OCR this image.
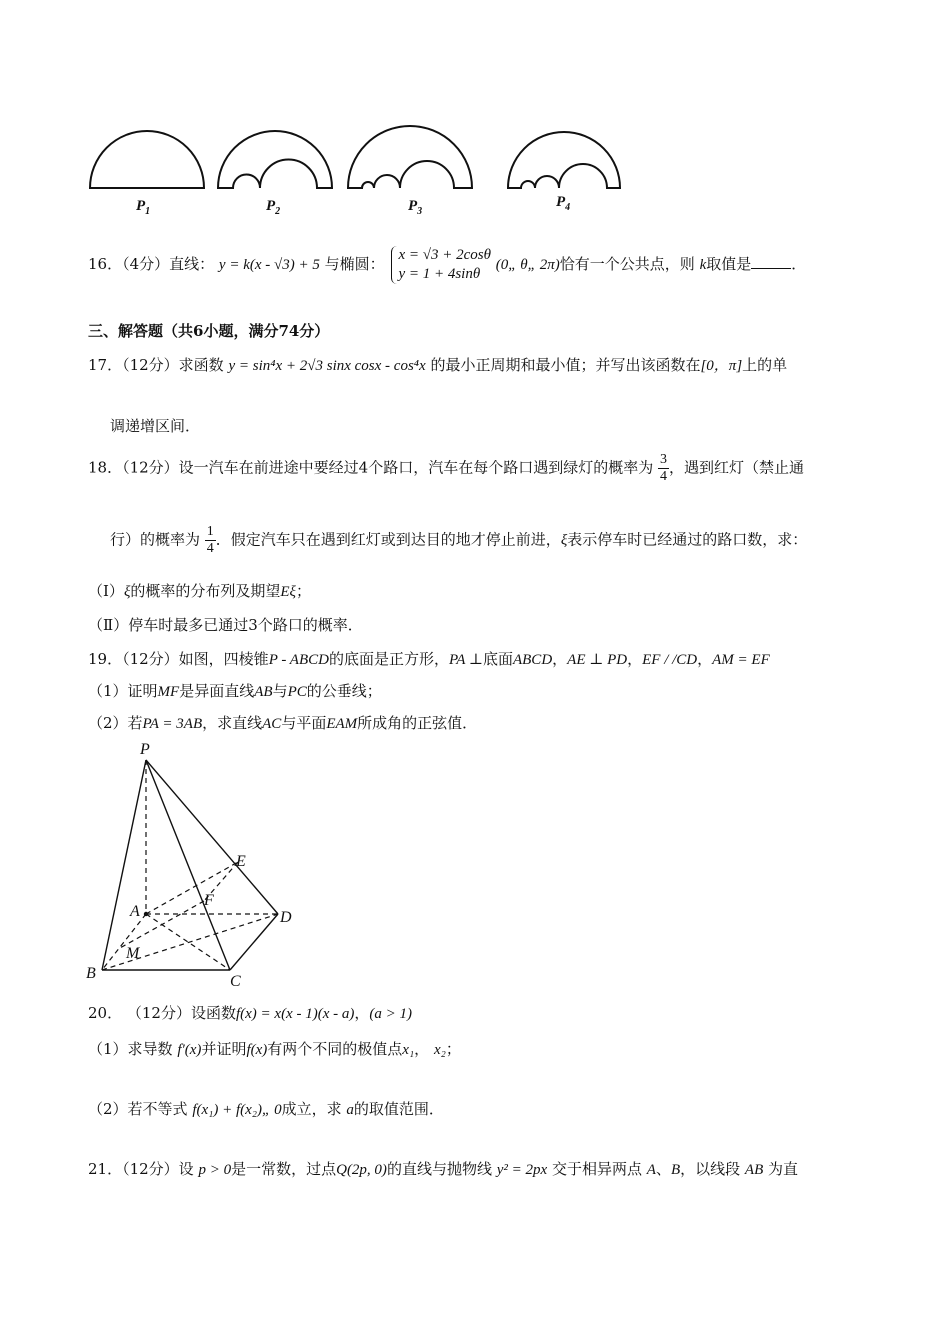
$P_1$	$P_2$	$P_3$
$P_4$
16．（4分）直线： y = k(x - √3) + 5 与椭圆： x = √3 + 2cosθ
y = 1 + 4sinθ
(0„ θ„ 2π)恰有一个公共点，则 k取值是	．
三、解答题（共6小题，满分74分）
17．（12分）求函数 y = sin⁴x + 2√3 sinx cosx - cos⁴x 的最小正周期和最小值；并写出该函数在[0，π]上的单
调递增区间．
18．（12分）设一汽车在前进途中要经过4个路口，汽车在每个路口遇到绿灯的概率为 $\frac{3}{4}$ ，遇到红灯（禁止通
行）的概率为 $\frac{1}{4}$ ．假定汽车只在遇到红灯或到达目的地才停止前进，ξ表示停车时已经通过的路口数，求：
（Ⅰ）ξ的概率的分布列及期望Eξ；
（Ⅱ）停车时最多已通过3个路口的概率．
19．（12分）如图，四棱锥P - ABCD的底面是正方形，PA ⊥底面ABCD，AE ⊥ PD，EF / /CD，AM = EF
（1）证明MF是异面直线AB与PC的公垂线；
（2）若PA = 3AB，求直线AC与平面EAM所成角的正弦值．
P
E
F
A	D
M
B	C
20． （12分）设函数f(x) = x(x - 1)(x - a)，(a > 1)
（1）求导数 f′(x)并证明f(x)有两个不同的极值点x₁， x₂；
（2）若不等式 f(x₁) + f(x₂)„ 0成立，求 a的取值范围．
21．（12分）设 p > 0是一常数，过点Q(2p, 0)的直线与抛物线 y² = 2px 交于相异两点 A、B，以线段 AB 为直
